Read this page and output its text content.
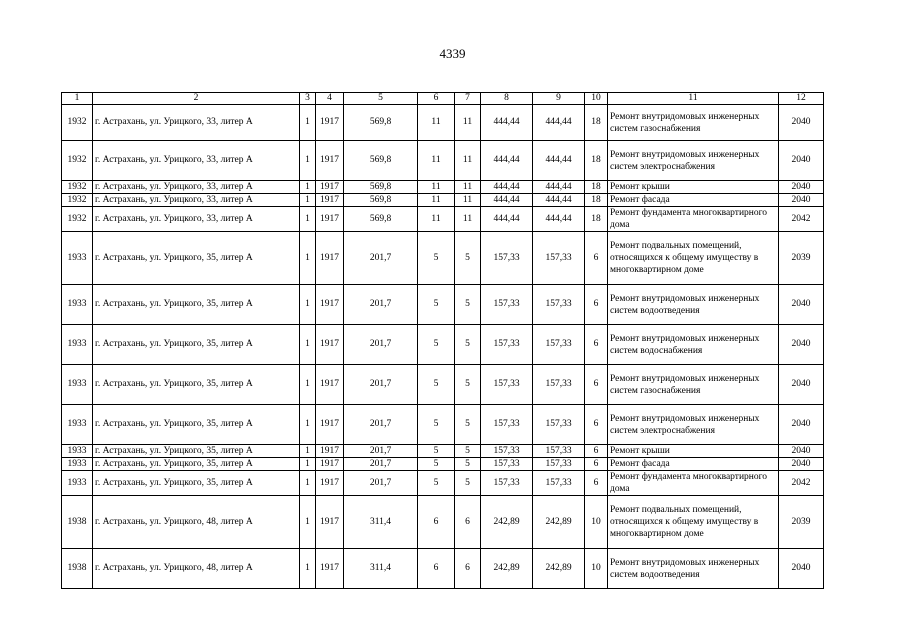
4339
1	2	3	4	5	6	7	8	9	10	11	12
1932	г. Астрахань, ул. Урицкого, 33, литер А	1	1917	569,8	11	11	444,44	444,44	18	Ремонт внутридомовых инженерных систем газоснабжения	2040
1932	г. Астрахань, ул. Урицкого, 33, литер А	1	1917	569,8	11	11	444,44	444,44	18	Ремонт внутридомовых инженерных систем электроснабжения	2040
1932	г. Астрахань, ул. Урицкого, 33, литер А	1	1917	569,8	11	11	444,44	444,44	18	Ремонт крыши	2040
1932	г. Астрахань, ул. Урицкого, 33, литер А	1	1917	569,8	11	11	444,44	444,44	18	Ремонт фасада	2040
1932	г. Астрахань, ул. Урицкого, 33, литер А	1	1917	569,8	11	11	444,44	444,44	18	Ремонт фундамента многоквартирного дома	2042
1933	г. Астрахань, ул. Урицкого, 35, литер А	1	1917	201,7	5	5	157,33	157,33	6	Ремонт подвальных помещений, относящихся к общему имуществу в многоквартирном доме	2039
1933	г. Астрахань, ул. Урицкого, 35, литер А	1	1917	201,7	5	5	157,33	157,33	6	Ремонт внутридомовых инженерных систем водоотведения	2040
1933	г. Астрахань, ул. Урицкого, 35, литер А	1	1917	201,7	5	5	157,33	157,33	6	Ремонт внутридомовых инженерных систем водоснабжения	2040
1933	г. Астрахань, ул. Урицкого, 35, литер А	1	1917	201,7	5	5	157,33	157,33	6	Ремонт внутридомовых инженерных систем газоснабжения	2040
1933	г. Астрахань, ул. Урицкого, 35, литер А	1	1917	201,7	5	5	157,33	157,33	6	Ремонт внутридомовых инженерных систем электроснабжения	2040
1933	г. Астрахань, ул. Урицкого, 35, литер А	1	1917	201,7	5	5	157,33	157,33	6	Ремонт крыши	2040
1933	г. Астрахань, ул. Урицкого, 35, литер А	1	1917	201,7	5	5	157,33	157,33	6	Ремонт фасада	2040
1933	г. Астрахань, ул. Урицкого, 35, литер А	1	1917	201,7	5	5	157,33	157,33	6	Ремонт фундамента многоквартирного дома	2042
1938	г. Астрахань, ул. Урицкого, 48, литер А	1	1917	311,4	6	6	242,89	242,89	10	Ремонт подвальных помещений, относящихся к общему имуществу в многоквартирном доме	2039
1938	г. Астрахань, ул. Урицкого, 48, литер А	1	1917	311,4	6	6	242,89	242,89	10	Ремонт внутридомовых инженерных систем водоотведения	2040
